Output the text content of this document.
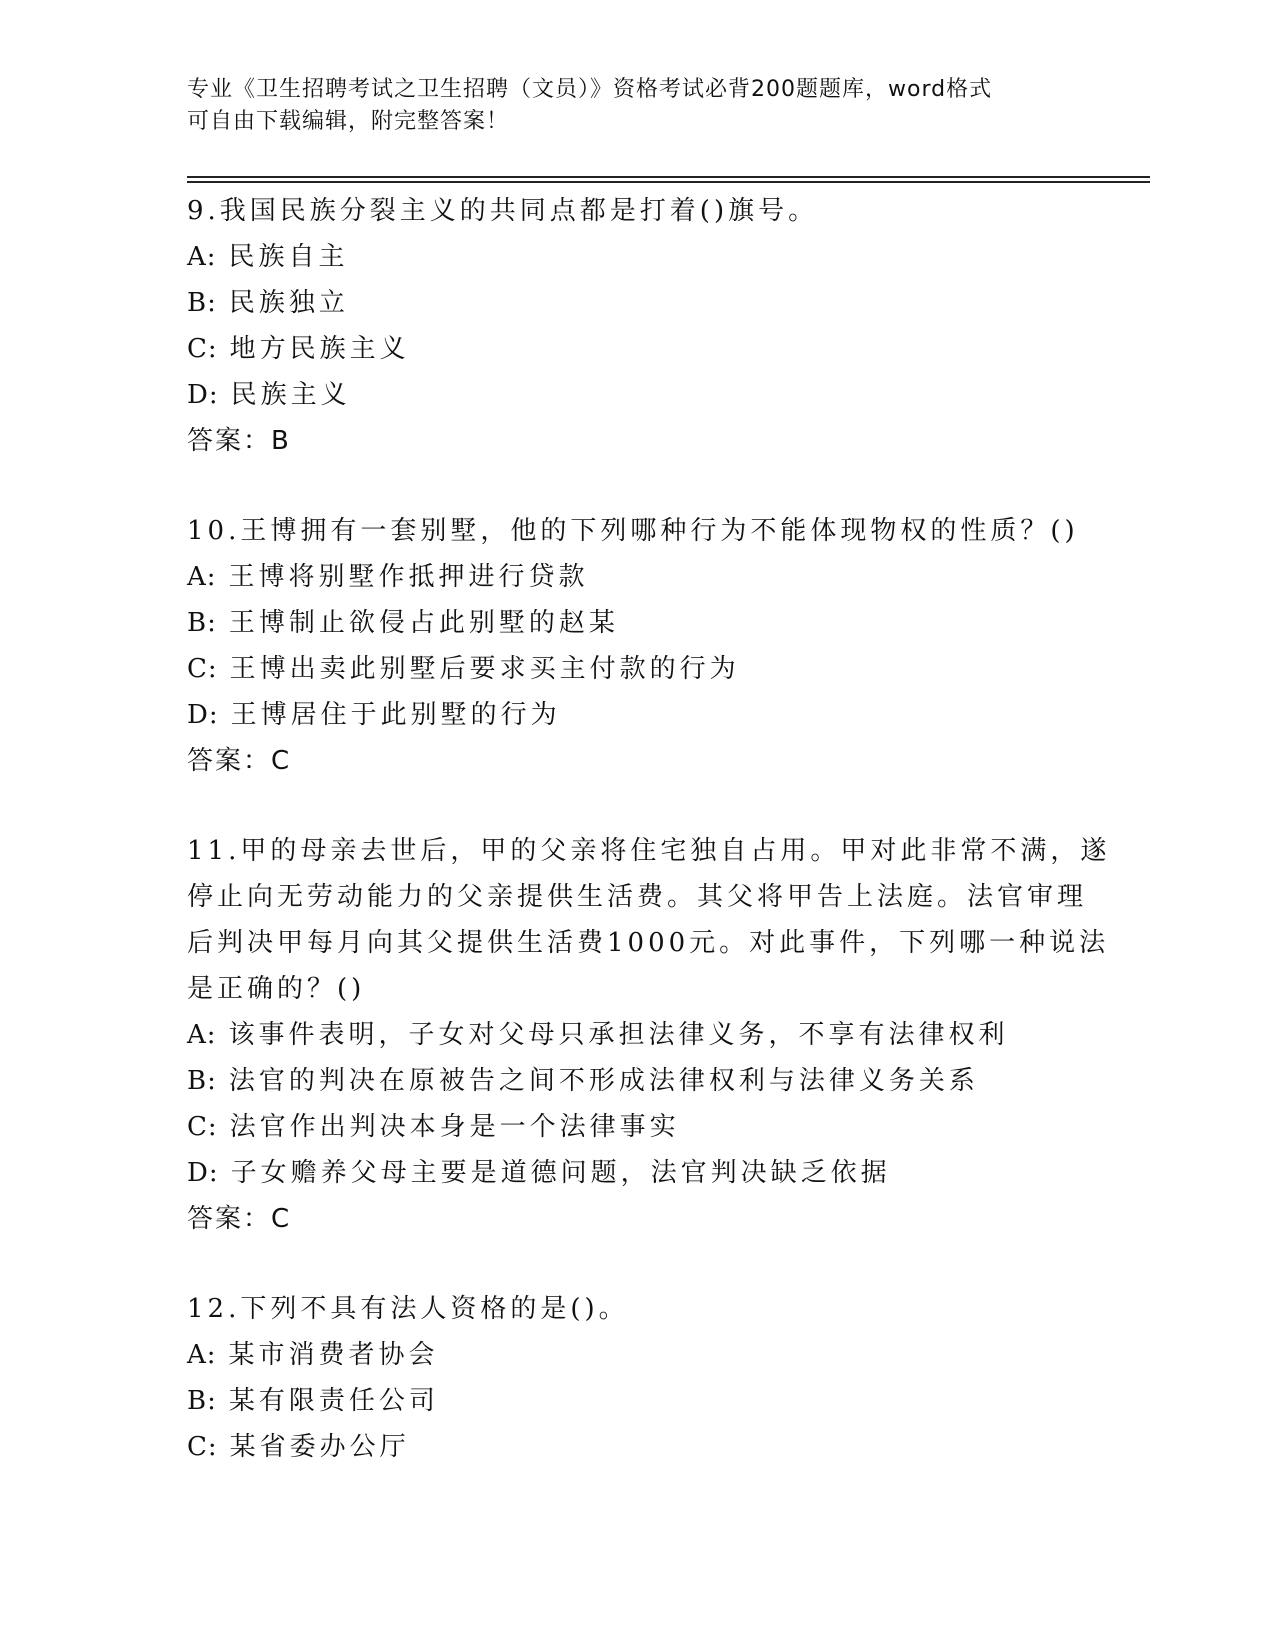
专业《卫生招聘考试之卫生招聘（文员）》资格考试必背200题题库，word格式
可自由下载编辑，附完整答案！
9.我国民族分裂主义的共同点都是打着()旗号。
A: 民族自主
B: 民族独立
C: 地方民族主义
D: 民族主义
答案：B
10.王博拥有一套别墅，他的下列哪种行为不能体现物权的性质？()
A: 王博将别墅作抵押进行贷款
B: 王博制止欲侵占此别墅的赵某
C: 王博出卖此别墅后要求买主付款的行为
D: 王博居住于此别墅的行为
答案：C
11.甲的母亲去世后，甲的父亲将住宅独自占用。甲对此非常不满，遂
停止向无劳动能力的父亲提供生活费。其父将甲告上法庭。法官审理
后判决甲每月向其父提供生活费1000元。对此事件，下列哪一种说法
是正确的？()
A: 该事件表明，子女对父母只承担法律义务，不享有法律权利
B: 法官的判决在原被告之间不形成法律权利与法律义务关系
C: 法官作出判决本身是一个法律事实
D: 子女赡养父母主要是道德问题，法官判决缺乏依据
答案：C
12.下列不具有法人资格的是()。
A: 某市消费者协会
B: 某有限责任公司
C: 某省委办公厅
